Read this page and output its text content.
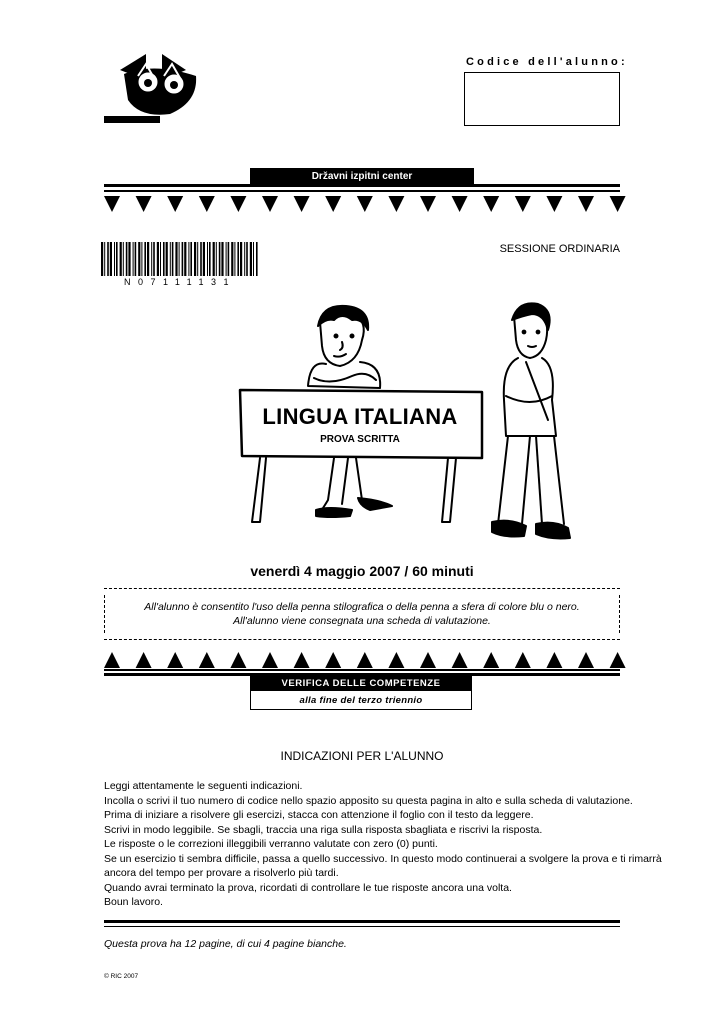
Codice dell'alunno:
Državni izpitni center
N07111131
SESSIONE ORDINARIA
LINGUA ITALIANA
PROVA SCRITTA
venerdì 4 maggio 2007 / 60 minuti
All'alunno è consentito l'uso della penna stilografica o della penna a sfera di colore blu o nero.
All'alunno viene consegnata una scheda di valutazione.
VERIFICA DELLE COMPETENZE
alla fine del terzo triennio
INDICAZIONI PER L'ALUNNO
Leggi attentamente le seguenti indicazioni.
Incolla o scrivi il tuo numero di codice nello spazio apposito su questa pagina in alto e sulla scheda di valutazione.
Prima di iniziare a risolvere gli esercizi, stacca con attenzione il foglio con il testo da leggere.
Scrivi in modo leggibile. Se sbagli, traccia una riga sulla risposta sbagliata e riscrivi la risposta.
Le risposte o le correzioni illeggibili verranno valutate con zero (0) punti.
Se un esercizio ti sembra difficile, passa a quello successivo. In questo modo continuerai a svolgere la prova e ti rimarrà
ancora del tempo per provare a risolverlo più tardi.
Quando avrai terminato la prova, ricordati di controllare le tue risposte ancora una volta.
Boun lavoro.
Questa prova ha 12 pagine, di cui 4 pagine bianche.
© RIC 2007
